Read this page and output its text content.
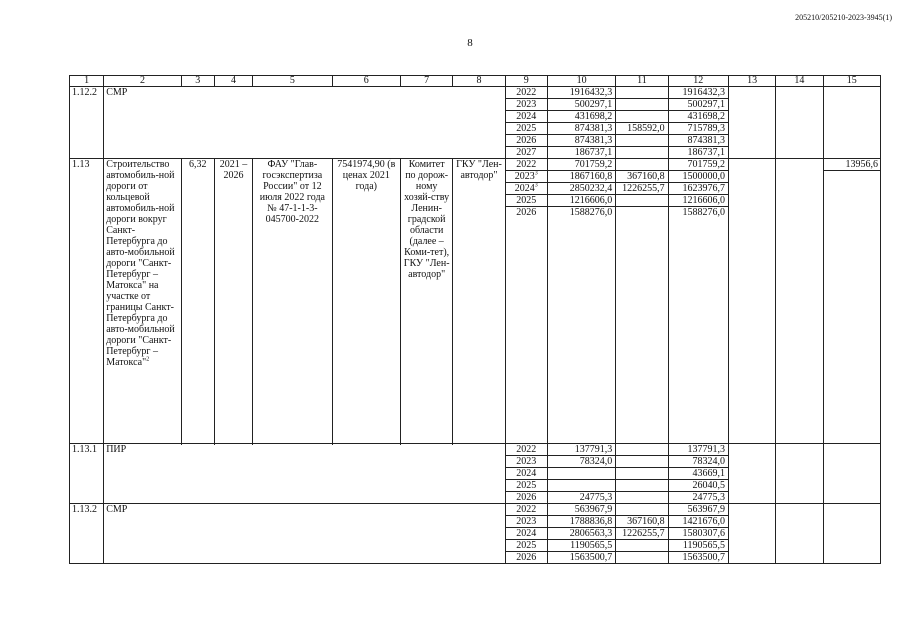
205210/205210-2023-3945(1)
8
1	2	3	4	5	6	7	8	9	10	11	12	13	14	15
1.12.2	СМР							2022	1916432,3		1916432,3			
								2023	500297,1		500297,1			
								2024	431698,2		431698,2			
								2025	874381,3	158592,0	715789,3			
								2026	874381,3		874381,3			
								2027	186737,1		186737,1			
1.13	Строительство автомобиль-ной дороги от кольцевой автомобиль-ной дороги вокруг Санкт-Петербурга до авто-мобильной дороги "Санкт-Петербург – Матокса" на участке от границы Санкт-Петербурга до авто-мобильной дороги "Санкт-Петербург – Матокса"$^2$	6,32	2021 – 2026	ФАУ "Глав-госэкспертиза России" от 12 июля 2022 года № 47-1-1-3-045700-2022	7541974,90 (в ценах 2021 года)	Комитет по дорож-ному хозяй-ству Ленин-градской области (далее – Коми-тет), ГКУ "Лен-автодор"	ГКУ "Лен-автодор"	2022	701759,2		701759,2			13956,6
								2023$^3$	1867160,8	367160,8	1500000,0			
								2024$^3$	2850232,4	1226255,7	1623976,7			
								2025	1216606,0		1216606,0			
								2026	1588276,0		1588276,0			

1.13.1	ПИР							2022	137791,3		137791,3			
								2023	78324,0		78324,0			
								2024			43669,1			
								2025			26040,5			
								2026	24775,3		24775,3			
1.13.2	СМР							2022	563967,9		563967,9			
								2023	1788836,8	367160,8	1421676,0			
								2024	2806563,3	1226255,7	1580307,6			
								2025	1190565,5		1190565,5			
								2026	1563500,7		1563500,7			
